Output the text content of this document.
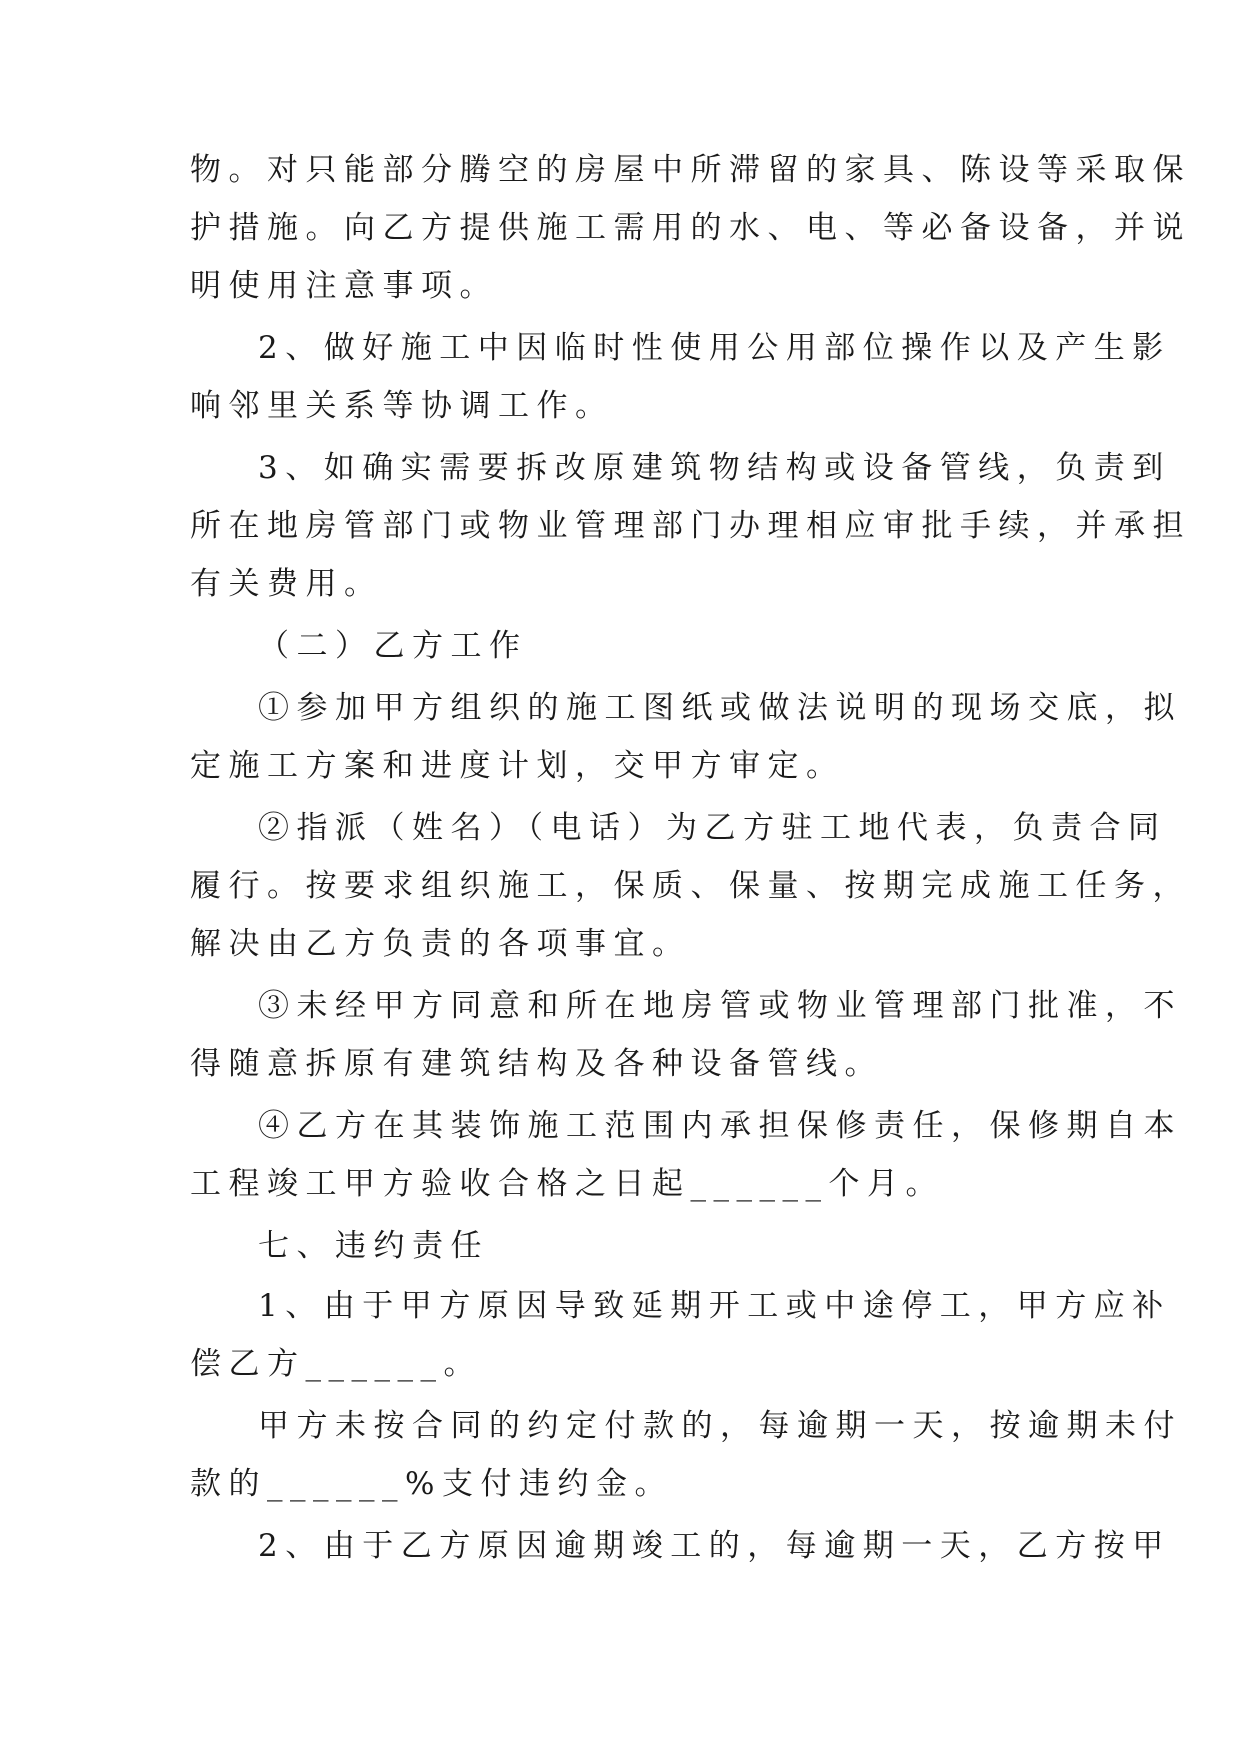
物。对只能部分腾空的房屋中所滞留的家具、陈设等采取保
护措施。向乙方提供施工需用的水、电、等必备设备，并说
明使用注意事项。
2、做好施工中因临时性使用公用部位操作以及产生影
响邻里关系等协调工作。
3、如确实需要拆改原建筑物结构或设备管线，负责到
所在地房管部门或物业管理部门办理相应审批手续，并承担
有关费用。
（二）乙方工作
①参加甲方组织的施工图纸或做法说明的现场交底，拟
定施工方案和进度计划，交甲方审定。
②指派（姓名）（电话）为乙方驻工地代表，负责合同
履行。按要求组织施工，保质、保量、按期完成施工任务，
解决由乙方负责的各项事宜。
③未经甲方同意和所在地房管或物业管理部门批准，不
得随意拆原有建筑结构及各种设备管线。
④乙方在其装饰施工范围内承担保修责任，保修期自本
工程竣工甲方验收合格之日起______个月。
七、违约责任
1、由于甲方原因导致延期开工或中途停工，甲方应补
偿乙方______。
甲方未按合同的约定付款的，每逾期一天，按逾期未付
款的______%支付违约金。
2、由于乙方原因逾期竣工的，每逾期一天，乙方按甲
